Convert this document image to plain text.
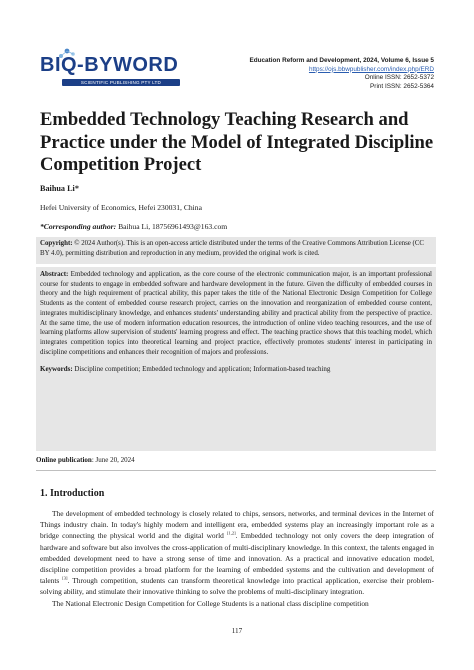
BIQ-BYWORD
SCIENTIFIC PUBLISHING PTY LTD
Education Reform and Development, 2024, Volume 6, Issue 5
https://ojs.bbwpublisher.com/index.php/ERD
Online ISSN: 2652-5372
Print ISSN: 2652-5364
Embedded Technology Teaching Research and Practice under the Model of Integrated Discipline Competition Project
Baihua Li*
Hefei University of Economics, Hefei 230031, China
*Corresponding author: Baihua Li, 18756961493@163.com
Copyright: © 2024 Author(s). This is an open-access article distributed under the terms of the Creative Commons Attribution License (CC BY 4.0), permitting distribution and reproduction in any medium, provided the original work is cited.

Abstract: Embedded technology and application, as the core course of the electronic communication major, is an important professional course for students to engage in embedded software and hardware development in the future. Given the difficulty of embedded courses in theory and the high requirement of practical ability, this paper takes the title of the National Electronic Design Competition for College Students as the content of embedded course research project, carries on the innovation and reorganization of embedded course content, integrates multidisciplinary knowledge, and enhances students' understanding ability and practical ability from the perspective of practice. At the same time, the use of modern information education resources, the introduction of online video teaching resources, and the use of learning platforms allow supervision of students' learning progress and effect. The teaching practice shows that this teaching model, which integrates competition topics into theoretical learning and project practice, effectively promotes students' interest in participating in discipline competitions and enhances their recognition of majors and professions.

Keywords: Discipline competition; Embedded technology and application; Information-based teaching

Online publication: June 20, 2024
1. Introduction

The development of embedded technology is closely related to chips, sensors, networks, and terminal devices in the Internet of Things industry chain. In today's highly modern and intelligent era, embedded systems play an increasingly important role as a bridge connecting the physical world and the digital world [1,2]. Embedded technology not only covers the deep integration of hardware and software but also involves the cross-application of multi-disciplinary knowledge. In this context, the talents engaged in embedded development need to have a strong sense of time and innovation. As a practical and innovative education model, discipline competition provides a broad platform for the learning of embedded systems and the cultivation and development of talents [3]. Through competition, students can transform theoretical knowledge into practical application, exercise their problem-solving ability, and stimulate their innovative thinking to solve the problems of multi-disciplinary integration.

The National Electronic Design Competition for College Students is a national class discipline competition

117
